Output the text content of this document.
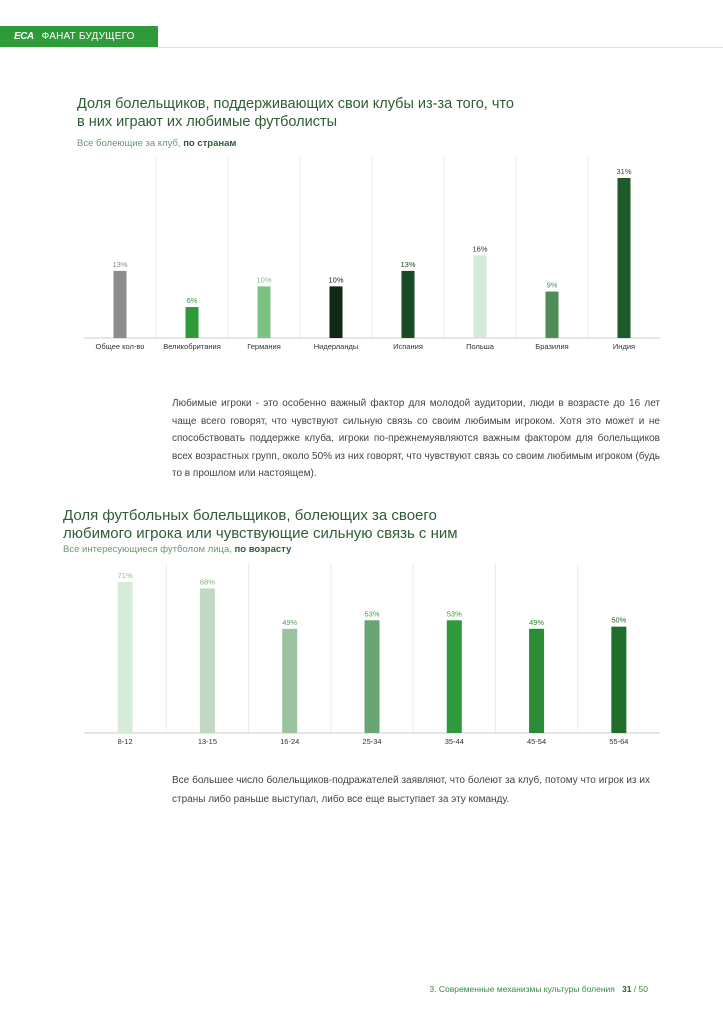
ECA ФАНАТ БУДУЩЕГО
Доля болельщиков, поддерживающих свои клубы из-за того, что
в них играют их любимые футболисты
Все болеющие за клуб, по странам
13%
Общее кол-во
6%
Великобритания
10%
Германия
10%
Нидерланды
13%
Испания
16%
Польша
9%
Бразилия
31%
Индия
Любимые игроки - это особенно важный фактор для молодой аудитории, люди в возрасте до 16 лет чаще всего говорят, что чувствуют сильную связь со своим любимым игроком. Хотя это может и не способствовать поддержке клуба, игроки по-прежнемуявляются важным фактором для болельщиков всех возрастных групп, около 50% из них говорят, что чувствуют связь со своим любимым игроком (будь то в прошлом или настоящем).
Доля футбольных болельщиков, болеющих за своего
любимого игрока или чувствующие сильную связь с ним
Все интересующиеся футболом лица, по возрасту
71%
8-12
68%
13-15
49%
16-24
53%
25-34
53%
35-44
49%
45-54
50%
55-64
Все большее число болельщиков-подражателей заявляют, что болеют за клуб, потому что игрок из их страны либо раньше выступал, либо все еще выступает за эту команду.
3. Современные механизмы культуры боления 31 / 50
